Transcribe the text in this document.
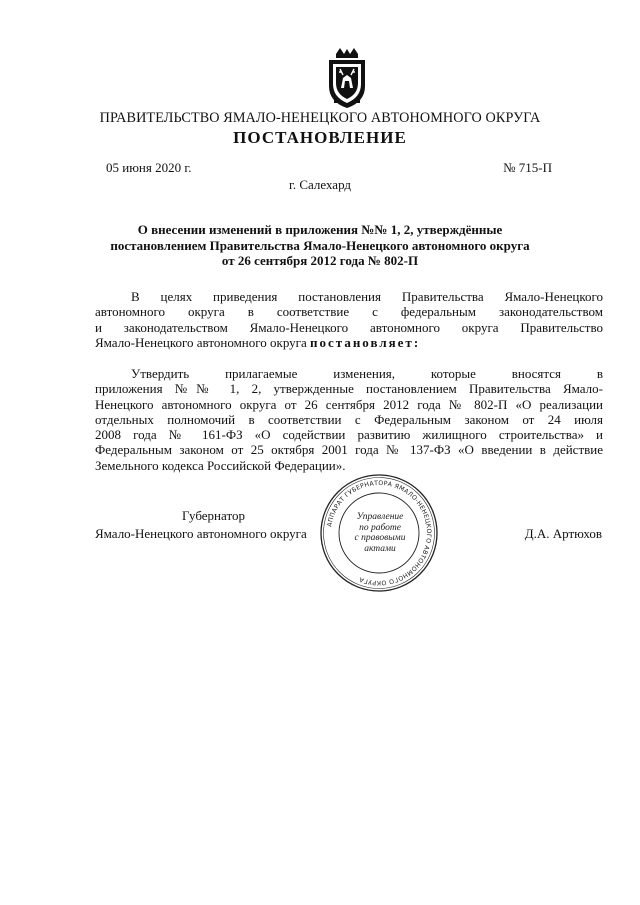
ПРАВИТЕЛЬСТВО ЯМАЛО-НЕНЕЦКОГО АВТОНОМНОГО ОКРУГА
ПОСТАНОВЛЕНИЕ
05 июня 2020 г.	№ 715-П
г. Салехард
О внесении изменений в приложения №№ 1, 2, утверждённые
постановлением Правительства Ямало-Ненецкого автономного округа
от 26 сентября 2012 года № 802-П
В целях приведения постановления Правительства Ямало-Ненецкого
автономного округа в соответствие с федеральным законодательством
и законодательством Ямало-Ненецкого автономного округа Правительство
Ямало-Ненецкого автономного округа постановляет:
Утвердить прилагаемые изменения, которые вносятся в
приложения №№ 1, 2, утвержденные постановлением Правительства Ямало-
Ненецкого автономного округа от 26 сентября 2012 года № 802-П «О реализации
отдельных полномочий в соответствии с Федеральным законом от 24 июля
2008 года № 161-ФЗ «О содействии развитию жилищного строительства» и
Федеральным законом от 25 октября 2001 года № 137-ФЗ «О введении в действие
Земельного кодекса Российской Федерации».
Губернатор
Ямало-Ненецкого автономного округа	Д.А. Артюхов
АППАРАТ ГУБЕРНАТОРА ЯМАЛО-НЕНЕЦКОГО АВТОНОМНОГО ОКРУГА
Управление
по работе
с правовыми
актами
